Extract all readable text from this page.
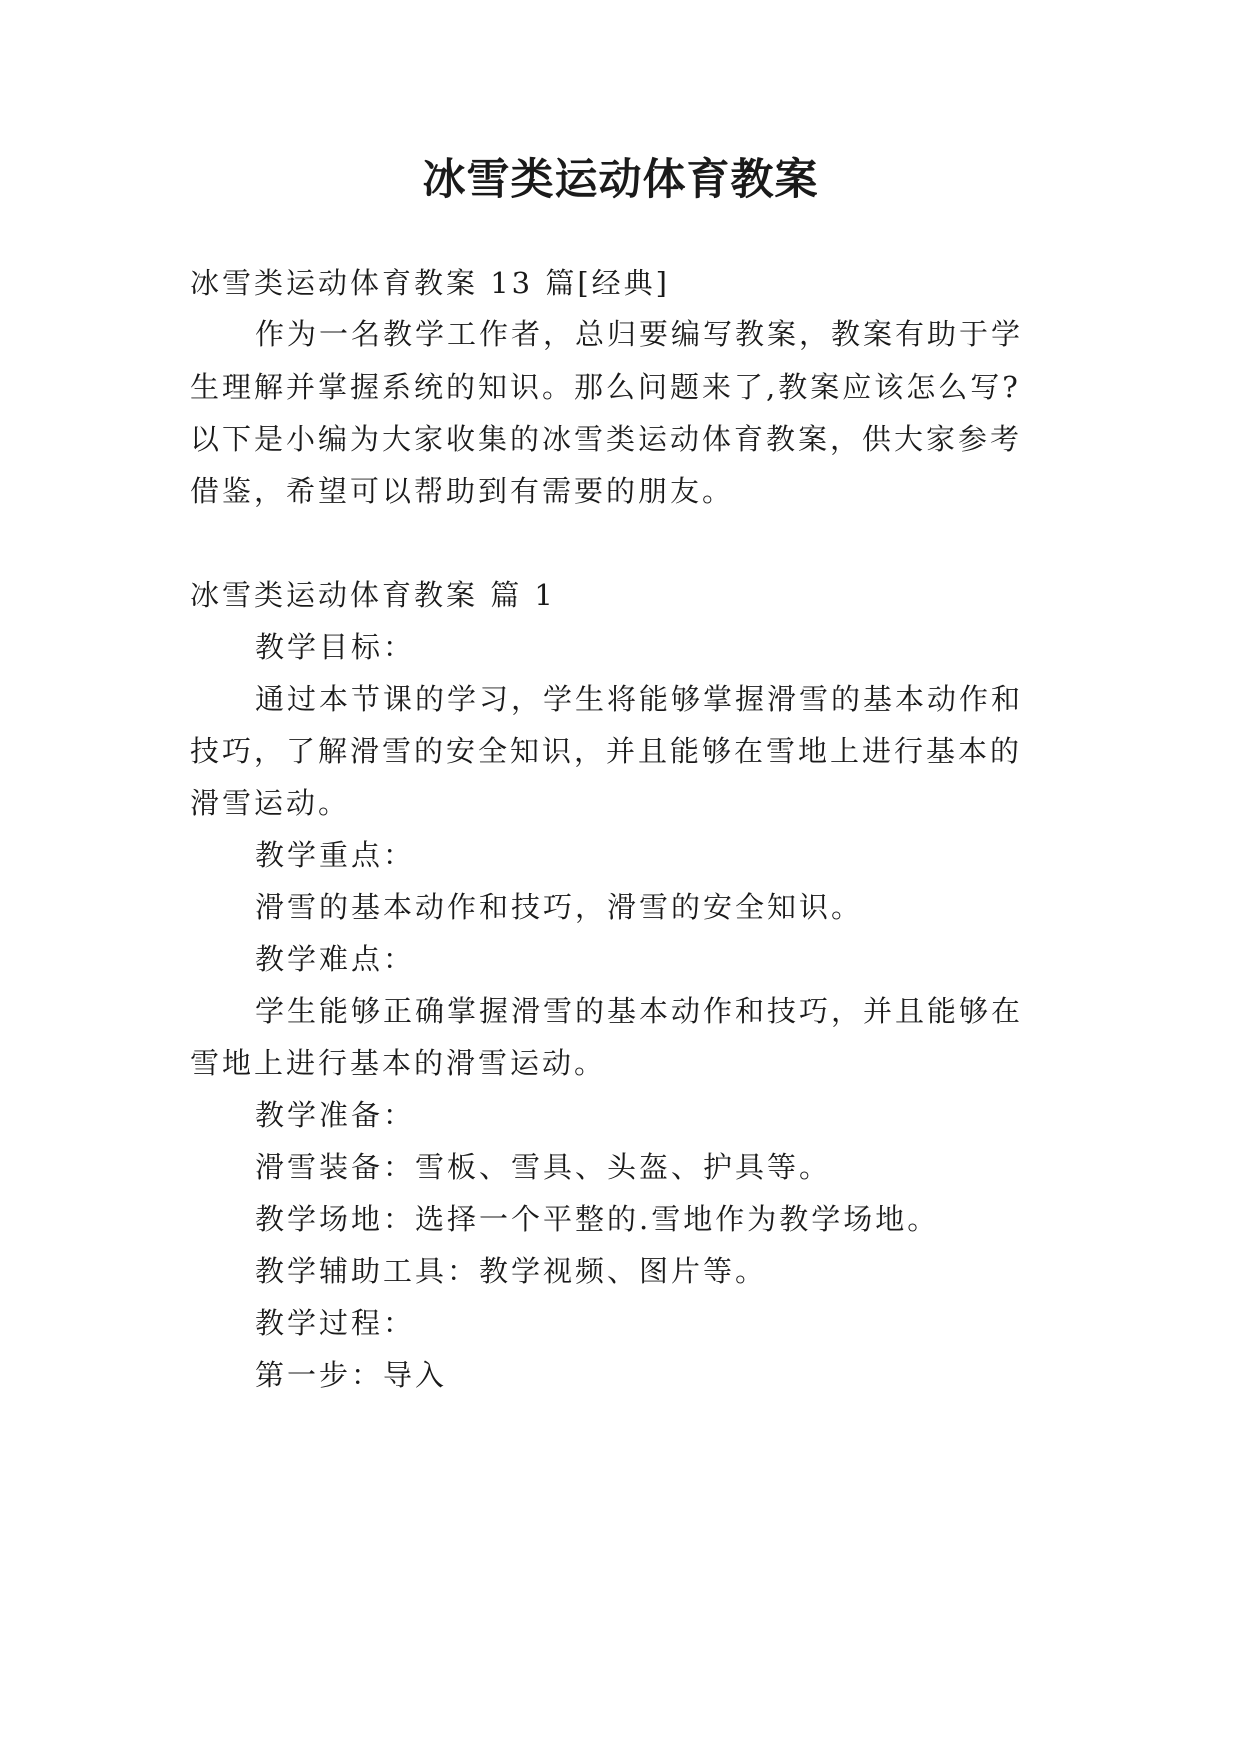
冰雪类运动体育教案

冰雪类运动体育教案 13 篇[经典]

作为一名教学工作者，总归要编写教案，教案有助于学

生理解并掌握系统的知识。那么问题来了,教案应该怎么写?

以下是小编为大家收集的冰雪类运动体育教案，供大家参考

借鉴，希望可以帮助到有需要的朋友。

冰雪类运动体育教案 篇 1

教学目标：

通过本节课的学习，学生将能够掌握滑雪的基本动作和

技巧，了解滑雪的安全知识，并且能够在雪地上进行基本的

滑雪运动。

教学重点：

滑雪的基本动作和技巧，滑雪的安全知识。

教学难点：

学生能够正确掌握滑雪的基本动作和技巧，并且能够在

雪地上进行基本的滑雪运动。

教学准备：

滑雪装备：雪板、雪具、头盔、护具等。

教学场地：选择一个平整的.雪地作为教学场地。

教学辅助工具：教学视频、图片等。

教学过程：

第一步：导入
